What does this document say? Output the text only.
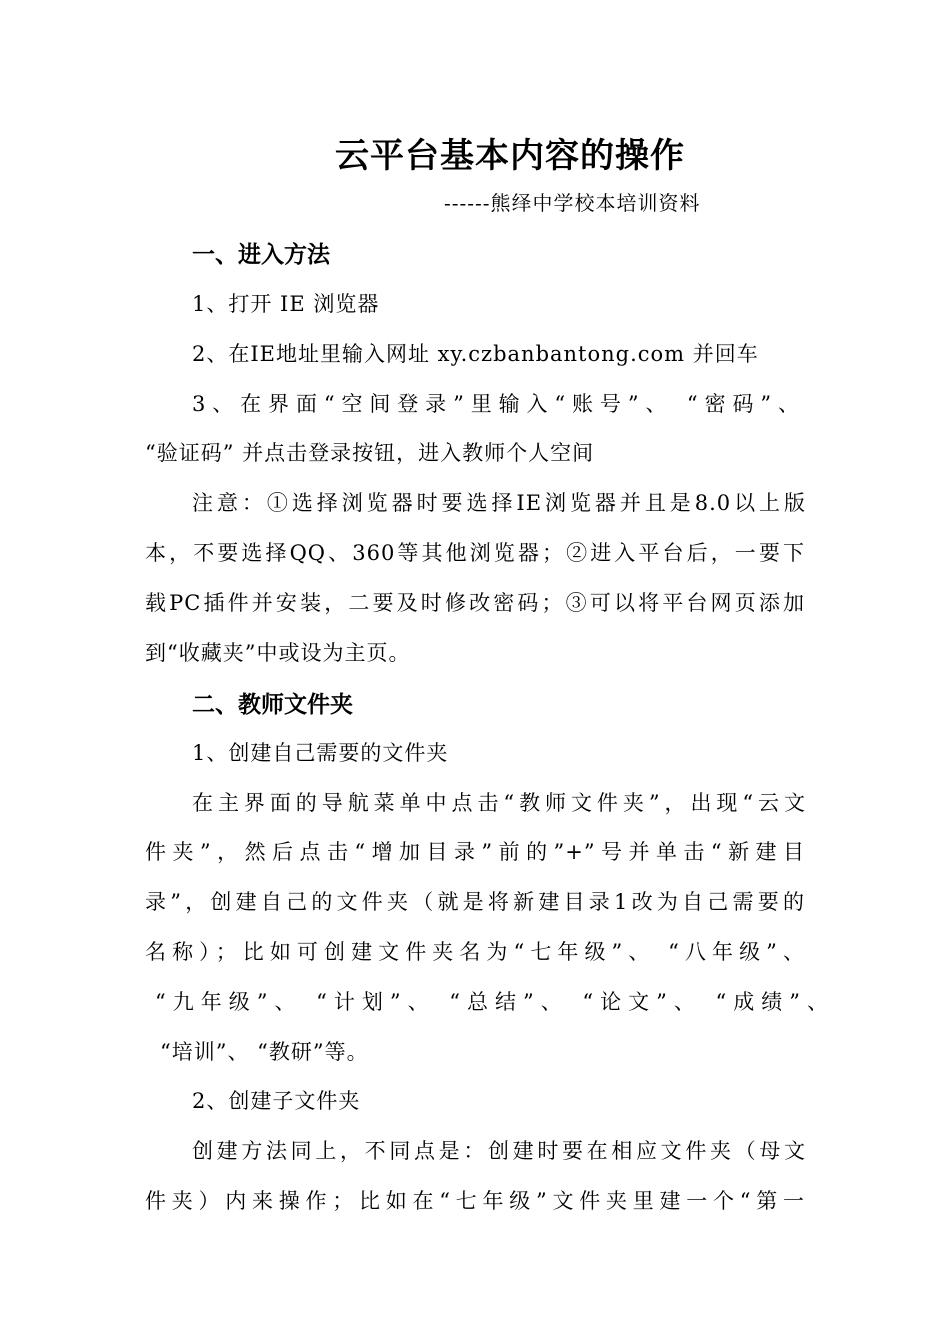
云平台基本内容的操作
------熊绎中学校本培训资料
一、进入方法
1、打开 IE 浏览器
2、在IE地址里输入网址 xy.czbanbantong.com 并回车
3、在界面“空间登录”里输入“账号”、 “密码”、
“验证码” 并点击登录按钮，进入教师个人空间
注意：①选择浏览器时要选择IE浏览器并且是8.0以上版
本，不要选择QQ、360等其他浏览器；②进入平台后，一要下
载PC插件并安装，二要及时修改密码；③可以将平台网页添加
到“收藏夹”中或设为主页。
二、教师文件夹
1、创建自己需要的文件夹
在主界面的导航菜单中点击“教师文件夹”，出现“云文
件夹”，然后点击“增加目录”前的”+”号并单击“新建目
录”，创建自己的文件夹（就是将新建目录1改为自己需要的
名称）；比如可创建文件夹名为“七年级”、 “八年级”、
“九年级”、 “计划”、 “总结”、 “论文”、 “成绩”、
“培训”、 “教研”等。
2、创建子文件夹
创建方法同上，不同点是：创建时要在相应文件夹（母文
件夹）内来操作；比如在“七年级”文件夹里建一个“第一
